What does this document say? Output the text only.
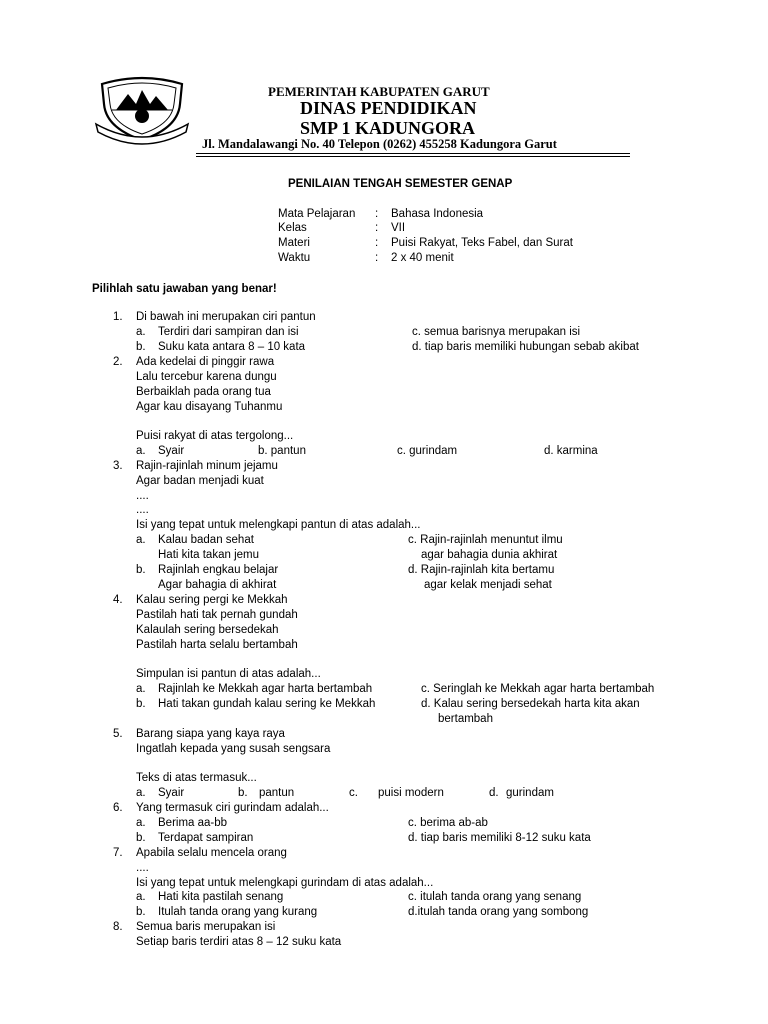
PEMERINTAH KABUPATEN GARUT
DINAS PENDIDIKAN
SMP 1 KADUNGORA
Jl. Mandalawangi No. 40 Telepon (0262) 455258 Kadungora Garut
PENILAIAN TENGAH SEMESTER GENAP
Mata Pelajaran : Bahasa Indonesia
Kelas	: VII
Materi	: Puisi Rakyat, Teks Fabel, dan Surat
Waktu	: 2 x 40 menit
Pilihlah satu jawaban yang benar!
1. Di bawah ini merupakan ciri pantun
a. Terdiri dari sampiran dan isi	c. semua barisnya merupakan isi
b. Suku kata antara 8 – 10 kata	d. tiap baris memiliki hubungan sebab akibat
2. Ada kedelai di pinggir rawa
Lalu tercebur karena dungu
Berbaiklah pada orang tua
Agar kau disayang Tuhanmu
Puisi rakyat di atas tergolong...
a. Syair	b. pantun	c. gurindam	d. karmina
3. Rajin-rajinlah minum jejamu
Agar badan menjadi kuat
....
....
Isi yang tepat untuk melengkapi pantun di atas adalah...
a. Kalau badan sehat	c. Rajin-rajinlah menuntut ilmu
Hati kita takan jemu	agar bahagia dunia akhirat
b. Rajinlah engkau belajar	d. Rajin-rajinlah kita bertamu
Agar bahagia di akhirat	agar kelak menjadi sehat
4. Kalau sering pergi ke Mekkah
Pastilah hati tak pernah gundah
Kalaulah sering bersedekah
Pastilah harta selalu bertambah
Simpulan isi pantun di atas adalah...
a. Rajinlah ke Mekkah agar harta bertambah	c. Seringlah ke Mekkah agar harta bertambah
b. Hati takan gundah kalau sering ke Mekkah	d. Kalau sering bersedekah harta kita akan
bertambah
5. Barang siapa yang kaya raya
Ingatlah kepada yang susah sengsara
Teks di atas termasuk...
a. Syair	b. pantun	c. puisi modern	d. gurindam
6. Yang termasuk ciri gurindam adalah...
a. Berima aa-bb	c. berima ab-ab
b. Terdapat sampiran	d. tiap baris memiliki 8-12 suku kata
7. Apabila selalu mencela orang
....
Isi yang tepat untuk melengkapi gurindam di atas adalah...
a. Hati kita pastilah senang	c. itulah tanda orang yang senang
b. Itulah tanda orang yang kurang	d.itulah tanda orang yang sombong
8. Semua baris merupakan isi
Setiap baris terdiri atas 8 – 12 suku kata
